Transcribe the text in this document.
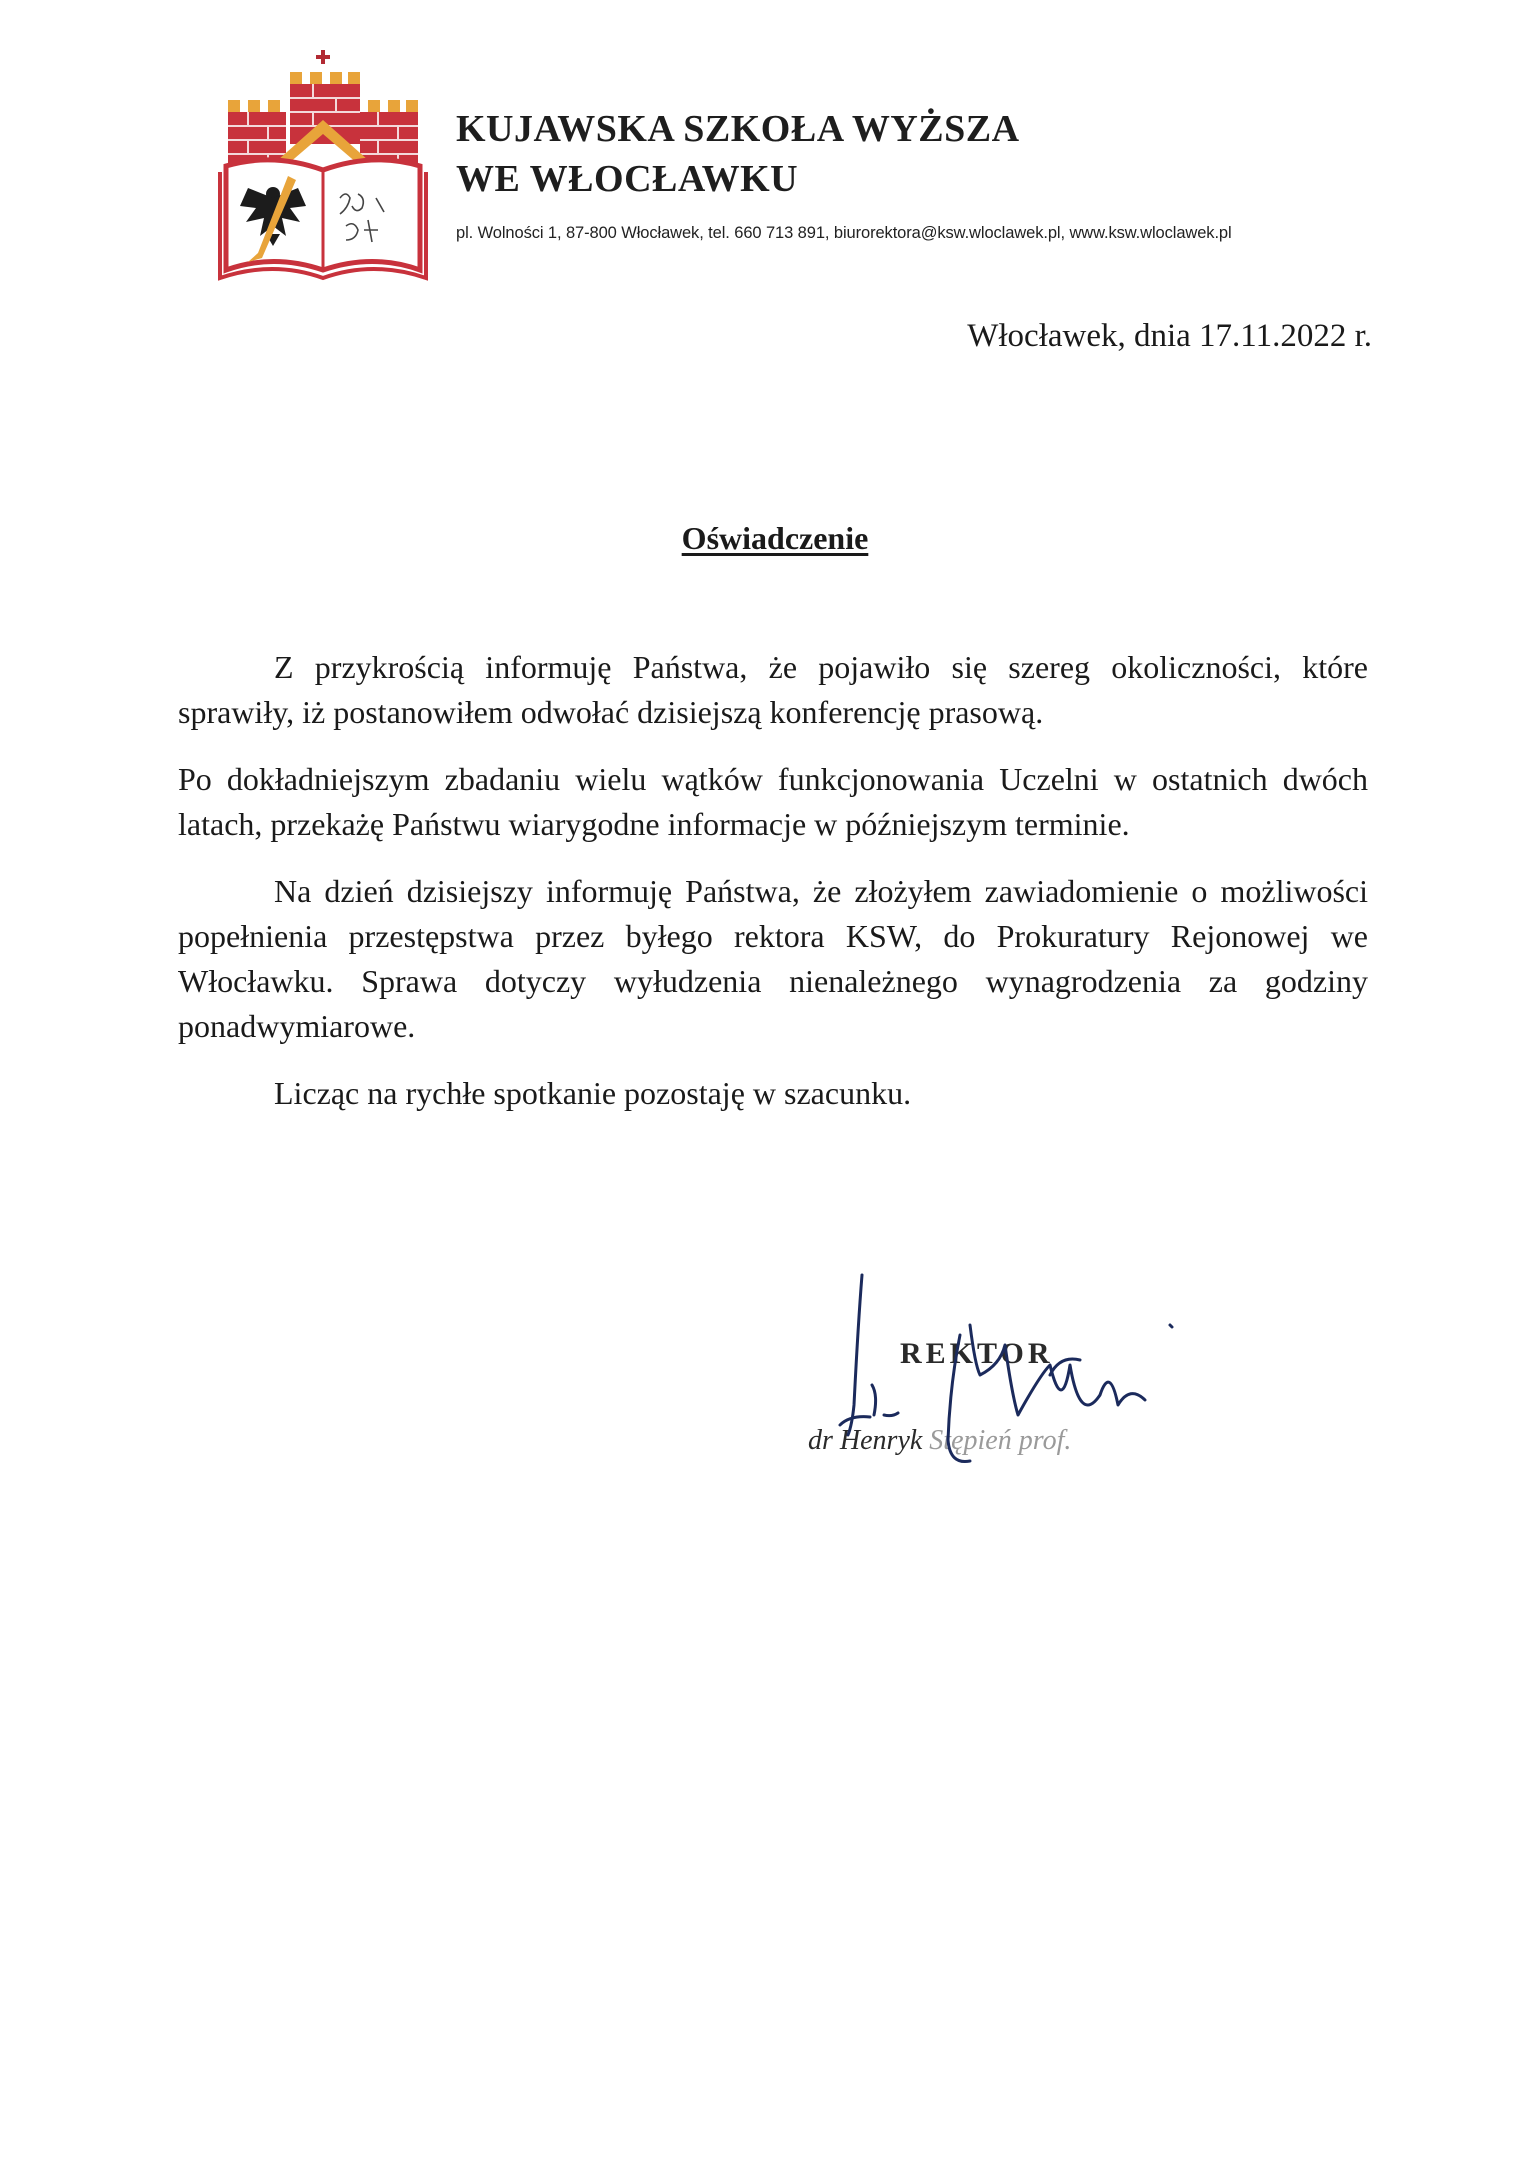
KUJAWSKA SZKOŁA WYŻSZA
WE WŁOCŁAWKU
pl. Wolności 1, 87-800 Włocławek, tel. 660 713 891, biurorektora@ksw.wloclawek.pl, www.ksw.wloclawek.pl
Włocławek, dnia 17.11.2022 r.
Oświadczenie

Z przykrością informuję Państwa, że pojawiło się szereg okoliczności, które sprawiły, iż postanowiłem odwołać dzisiejszą konferencję prasową.

Po dokładniejszym zbadaniu wielu wątków funkcjonowania Uczelni w ostatnich dwóch latach, przekażę Państwu wiarygodne informacje w późniejszym terminie.

Na dzień dzisiejszy informuję Państwa, że złożyłem zawiadomienie o możliwości popełnienia przestępstwa przez byłego rektora KSW, do Prokuratury Rejonowej we Włocławku. Sprawa dotyczy wyłudzenia nienależnego wynagrodzenia za godziny ponadwymiarowe.

Licząc na rychłe spotkanie pozostaję w szacunku.

REKTOR
dr Henryk Stępień prof.
